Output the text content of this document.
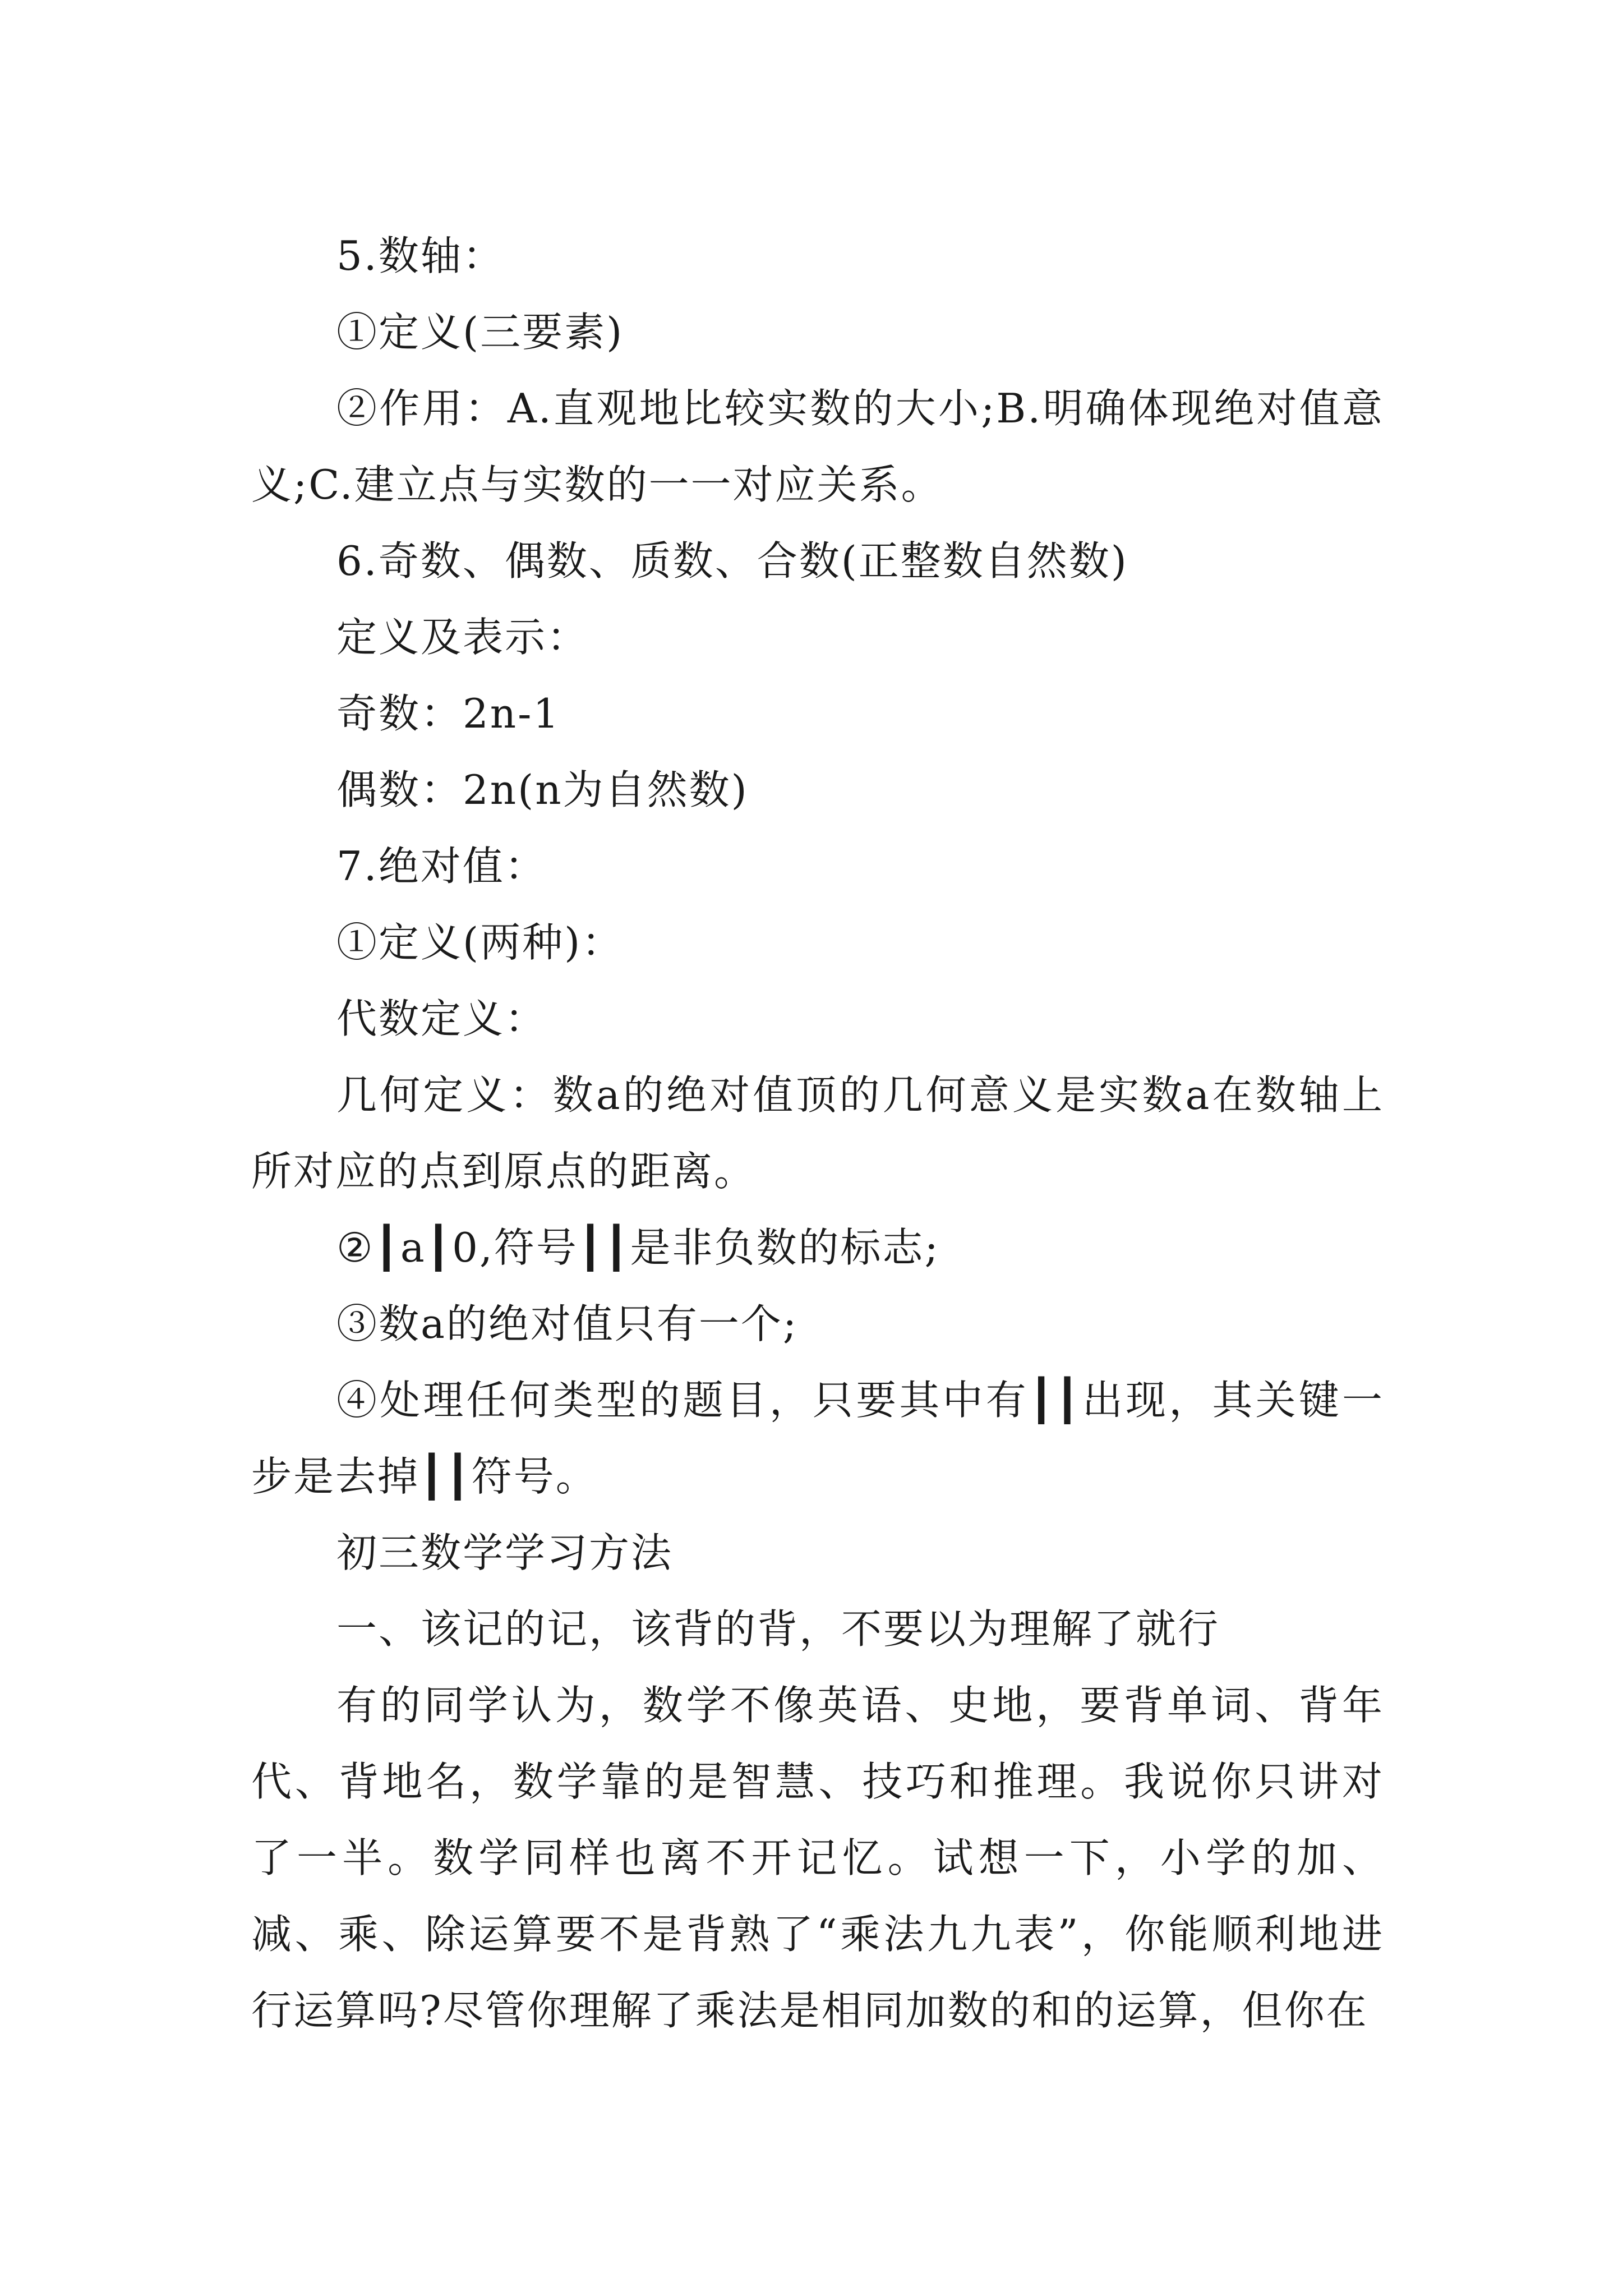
5.数轴：

①定义(三要素)

②作用：A.直观地比较实数的大小;B.明确体现绝对值意义;C.建立点与实数的一一对应关系。

6.奇数、偶数、质数、合数(正整数自然数)

定义及表示：

奇数：2n-1

偶数：2n(n为自然数)

7.绝对值：

①定义(两种)：

代数定义：

几何定义：数a的绝对值顶的几何意义是实数a在数轴上所对应的点到原点的距离。

②┃a┃0,符号┃┃是非负数的标志;

③数a的绝对值只有一个;

④处理任何类型的题目，只要其中有┃┃出现，其关键一步是去掉┃┃符号。

初三数学学习方法

一、该记的记，该背的背，不要以为理解了就行

有的同学认为，数学不像英语、史地，要背单词、背年代、背地名，数学靠的是智慧、技巧和推理。我说你只讲对了一半。数学同样也离不开记忆。试想一下，小学的加、减、乘、除运算要不是背熟了“乘法九九表”，你能顺利地进行运算吗?尽管你理解了乘法是相同加数的和的运算，但你在
